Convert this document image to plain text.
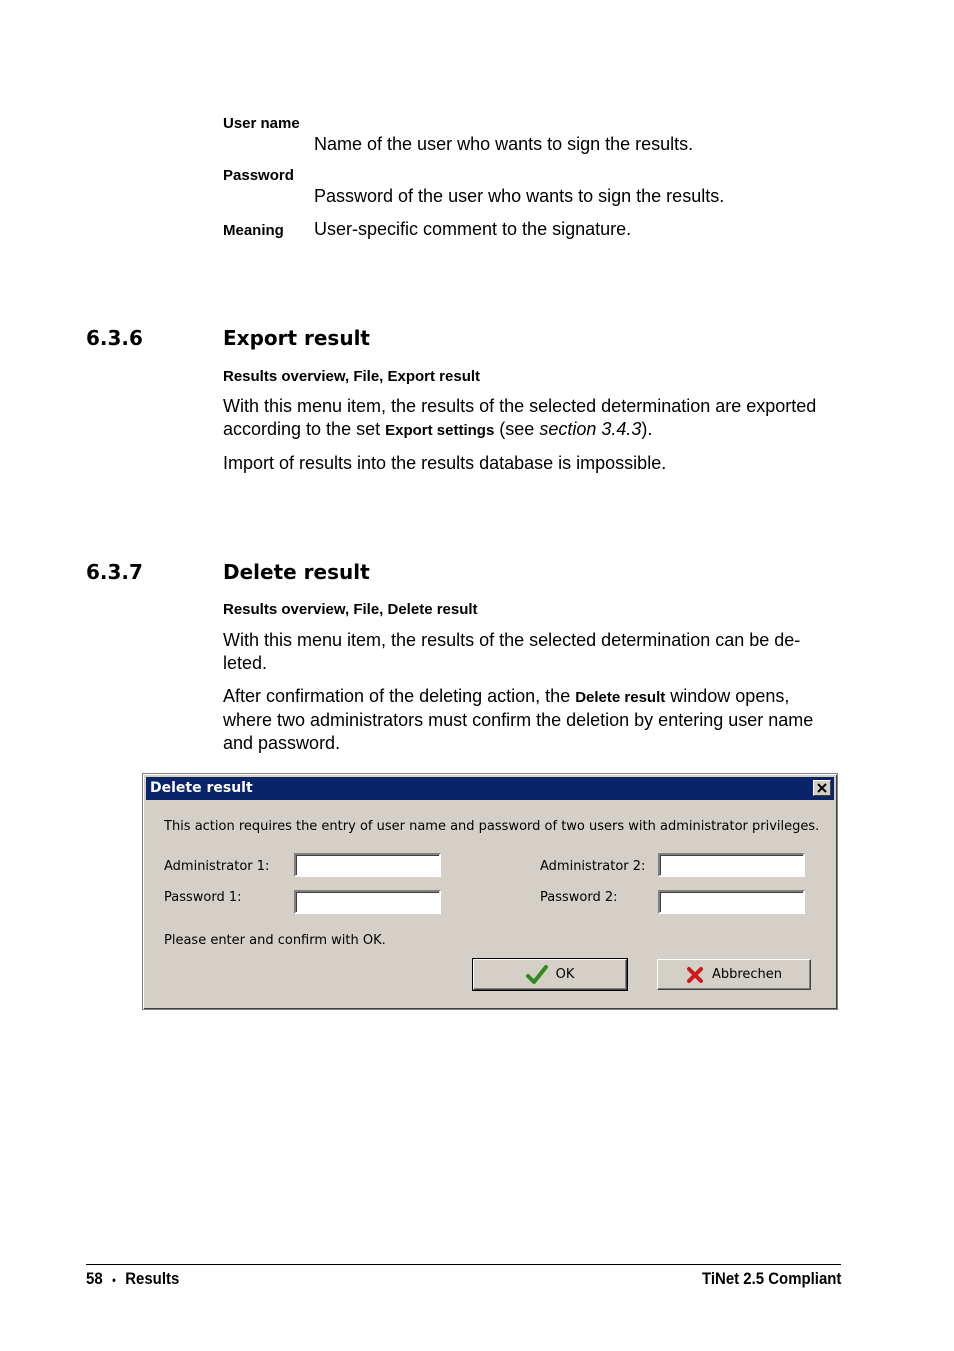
User name
Name of the user who wants to sign the results.
Password
Password of the user who wants to sign the results.
Meaning User-specific comment to the signature.
6.3.6	Export result
Results overview, File, Export result
With this menu item, the results of the selected determination are exported according to the set Export settings (see section 3.4.3).
Import of results into the results database is impossible.
6.3.7	Delete result
Results overview, File, Delete result
With this menu item, the results of the selected determination can be de-leted.
After confirmation of the deleting action, the Delete result window opens, where two administrators must confirm the deletion by entering user name and password.
Delete result
This action requires the entry of user name and password of two users with administrator privileges.
Administrator 1:
Password 1:
Administrator 2:
Password 2:
Please enter and confirm with OK.
OK	Abbrechen
58 • Results	TiNet 2.5 Compliant
